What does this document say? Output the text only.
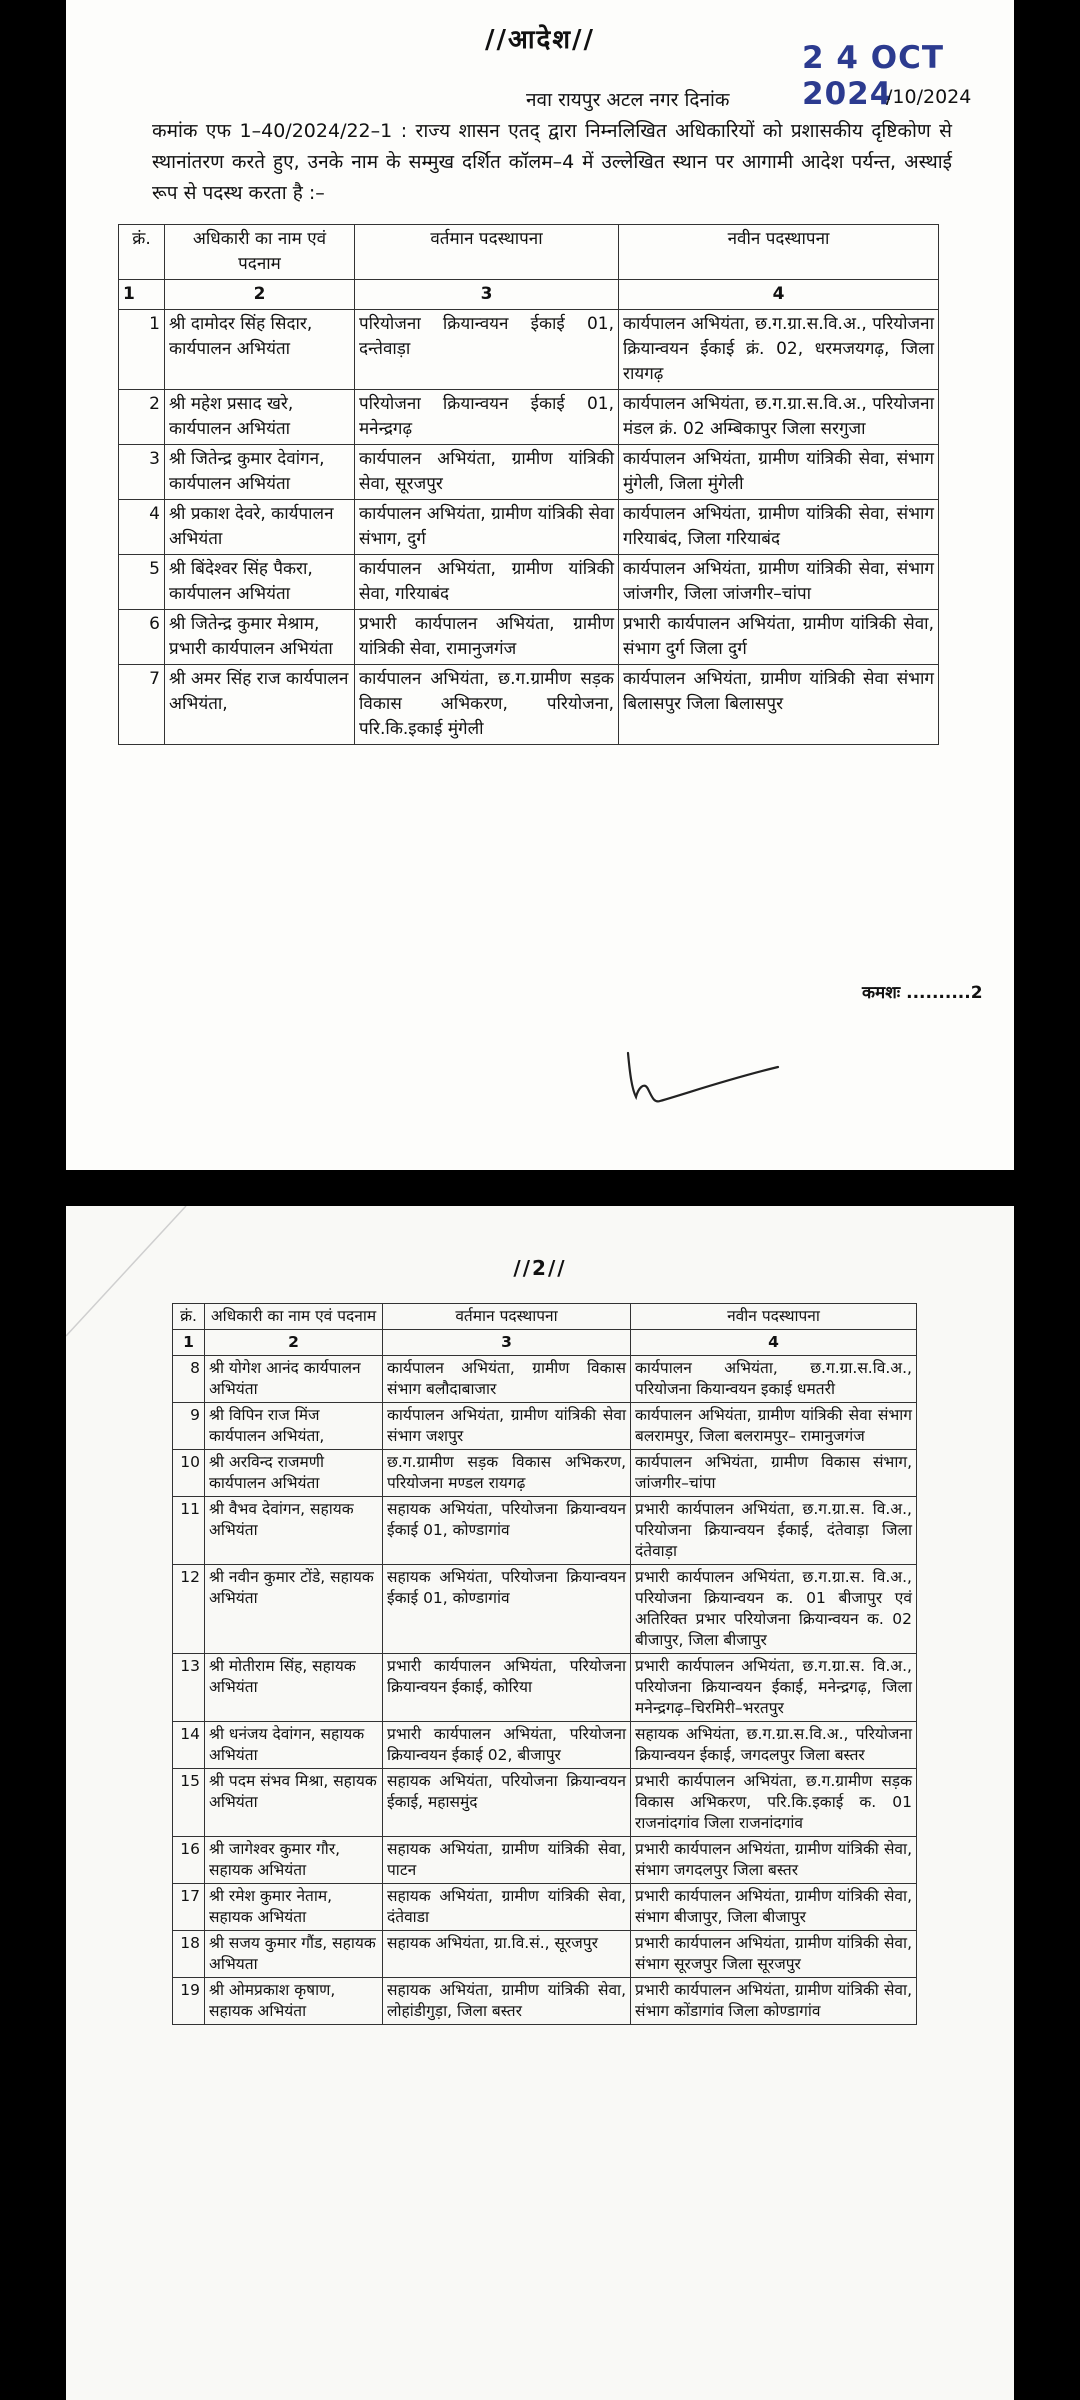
//आदेश//	2 4 OCT 2024
नवा रायपुर अटल नगर दिनांक	/10/2024
कमांक एफ 1–40/2024/22–1 : राज्य शासन एतद् द्वारा निम्नलिखित अधिकारियों को प्रशासकीय दृष्टिकोण से स्थानांतरण करते हुए, उनके नाम के सम्मुख दर्शित कॉलम–4 में उल्लेखित स्थान पर आगामी आदेश पर्यन्त, अस्थाई रूप से पदस्थ करता है :–
क्रं.	अधिकारी का नाम एवं पदनाम	वर्तमान पदस्थापना	नवीन पदस्थापना
1	2	3	4
1	श्री दामोदर सिंह सिदार, कार्यपालन अभियंता	परियोजना क्रियान्वयन ईकाई 01, दन्तेवाड़ा	कार्यपालन अभियंता, छ.ग.ग्रा.स.वि.अ., परियोजना क्रियान्वयन ईकाई क्रं. 02, धरमजयगढ़, जिला रायगढ़
2	श्री महेश प्रसाद खरे, कार्यपालन अभियंता	परियोजना क्रियान्वयन ईकाई 01, मनेन्द्रगढ़	कार्यपालन अभियंता, छ.ग.ग्रा.स.वि.अ., परियोजना मंडल क्रं. 02 अम्बिकापुर जिला सरगुजा
3	श्री जितेन्द्र कुमार देवांगन, कार्यपालन अभियंता	कार्यपालन अभियंता, ग्रामीण यांत्रिकी सेवा, सूरजपुर	कार्यपालन अभियंता, ग्रामीण यांत्रिकी सेवा, संभाग मुंगेली, जिला मुंगेली
4	श्री प्रकाश देवरे, कार्यपालन अभियंता	कार्यपालन अभियंता, ग्रामीण यांत्रिकी सेवा संभाग, दुर्ग	कार्यपालन अभियंता, ग्रामीण यांत्रिकी सेवा, संभाग गरियाबंद, जिला गरियाबंद
5	श्री बिंदेश्वर सिंह पैकरा, कार्यपालन अभियंता	कार्यपालन अभियंता, ग्रामीण यांत्रिकी सेवा, गरियाबंद	कार्यपालन अभियंता, ग्रामीण यांत्रिकी सेवा, संभाग जांजगीर, जिला जांजगीर–चांपा
6	श्री जितेन्द्र कुमार मेश्राम, प्रभारी कार्यपालन अभियंता	प्रभारी कार्यपालन अभियंता, ग्रामीण यांत्रिकी सेवा, रामानुजगंज	प्रभारी कार्यपालन अभियंता, ग्रामीण यांत्रिकी सेवा, संभाग दुर्ग जिला दुर्ग
7	श्री अमर सिंह राज कार्यपालन अभियंता,	कार्यपालन अभियंता, छ.ग.ग्रामीण सड़क विकास अभिकरण, परियोजना, परि.कि.इकाई मुंगेली	कार्यपालन अभियंता, ग्रामीण यांत्रिकी सेवा संभाग बिलासपुर जिला बिलासपुर
कमशः ..........2
//2//
क्रं.	अधिकारी का नाम एवं पदनाम	वर्तमान पदस्थापना	नवीन पदस्थापना
1	2	3	4
8	श्री योगेश आनंद कार्यपालन अभियंता	कार्यपालन अभियंता, ग्रामीण विकास संभाग बलौदाबाजार	कार्यपालन अभियंता, छ.ग.ग्रा.स.वि.अ., परियोजना कियान्वयन इकाई धमतरी
9	श्री विपिन राज मिंज कार्यपालन अभियंता,	कार्यपालन अभियंता, ग्रामीण यांत्रिकी सेवा संभाग जशपुर	कार्यपालन अभियंता, ग्रामीण यांत्रिकी सेवा संभाग बलरामपुर, जिला बलरामपुर– रामानुजगंज
10	श्री अरविन्द राजमणी कार्यपालन अभियंता	छ.ग.ग्रामीण सड़क विकास अभिकरण, परियोजना मण्डल रायगढ़	कार्यपालन अभियंता, ग्रामीण विकास संभाग, जांजगीर–चांपा
11	श्री वैभव देवांगन, सहायक अभियंता	सहायक अभियंता, परियोजना क्रियान्वयन ईकाई 01, कोण्डागांव	प्रभारी कार्यपालन अभियंता, छ.ग.ग्रा.स. वि.अ., परियोजना क्रियान्वयन ईकाई, दंतेवाड़ा जिला दंतेवाड़ा
12	श्री नवीन कुमार टोंडे, सहायक अभियंता	सहायक अभियंता, परियोजना क्रियान्वयन ईकाई 01, कोण्डागांव	प्रभारी कार्यपालन अभियंता, छ.ग.ग्रा.स. वि.अ., परियोजना क्रियान्वयन क. 01 बीजापुर एवं अतिरिक्त प्रभार परियोजना क्रियान्वयन क. 02 बीजापुर, जिला बीजापुर
13	श्री मोतीराम सिंह, सहायक अभियंता	प्रभारी कार्यपालन अभियंता, परियोजना क्रियान्वयन ईकाई, कोरिया	प्रभारी कार्यपालन अभियंता, छ.ग.ग्रा.स. वि.अ., परियोजना क्रियान्वयन ईकाई, मनेन्द्रगढ़, जिला मनेन्द्रगढ़–चिरमिरी–भरतपुर
14	श्री धनंजय देवांगन, सहायक अभियंता	प्रभारी कार्यपालन अभियंता, परियोजना क्रियान्वयन ईकाई 02, बीजापुर	सहायक अभियंता, छ.ग.ग्रा.स.वि.अ., परियोजना क्रियान्वयन ईकाई, जगदलपुर जिला बस्तर
15	श्री पदम संभव मिश्रा, सहायक अभियंता	सहायक अभियंता, परियोजना क्रियान्वयन ईकाई, महासमुंद	प्रभारी कार्यपालन अभियंता, छ.ग.ग्रामीण सड़क विकास अभिकरण, परि.कि.इकाई क. 01 राजनांदगांव जिला राजनांदगांव
16	श्री जागेश्वर कुमार गौर, सहायक अभियंता	सहायक अभियंता, ग्रामीण यांत्रिकी सेवा, पाटन	प्रभारी कार्यपालन अभियंता, ग्रामीण यांत्रिकी सेवा, संभाग जगदलपुर जिला बस्तर
17	श्री रमेश कुमार नेताम, सहायक अभियंता	सहायक अभियंता, ग्रामीण यांत्रिकी सेवा, दंतेवाडा	प्रभारी कार्यपालन अभियंता, ग्रामीण यांत्रिकी सेवा, संभाग बीजापुर, जिला बीजापुर
18	श्री सजय कुमार गौंड, सहायक अभियता	सहायक अभियंता, ग्रा.वि.सं., सूरजपुर	प्रभारी कार्यपालन अभियंता, ग्रामीण यांत्रिकी सेवा, संभाग सूरजपुर जिला सूरजपुर
19	श्री ओमप्रकाश कृषाण, सहायक अभियंता	सहायक अभियंता, ग्रामीण यांत्रिकी सेवा, लोहांडीगुड़ा, जिला बस्तर	प्रभारी कार्यपालन अभियंता, ग्रामीण यांत्रिकी सेवा, संभाग कोंडागांव जिला कोण्डागांव
